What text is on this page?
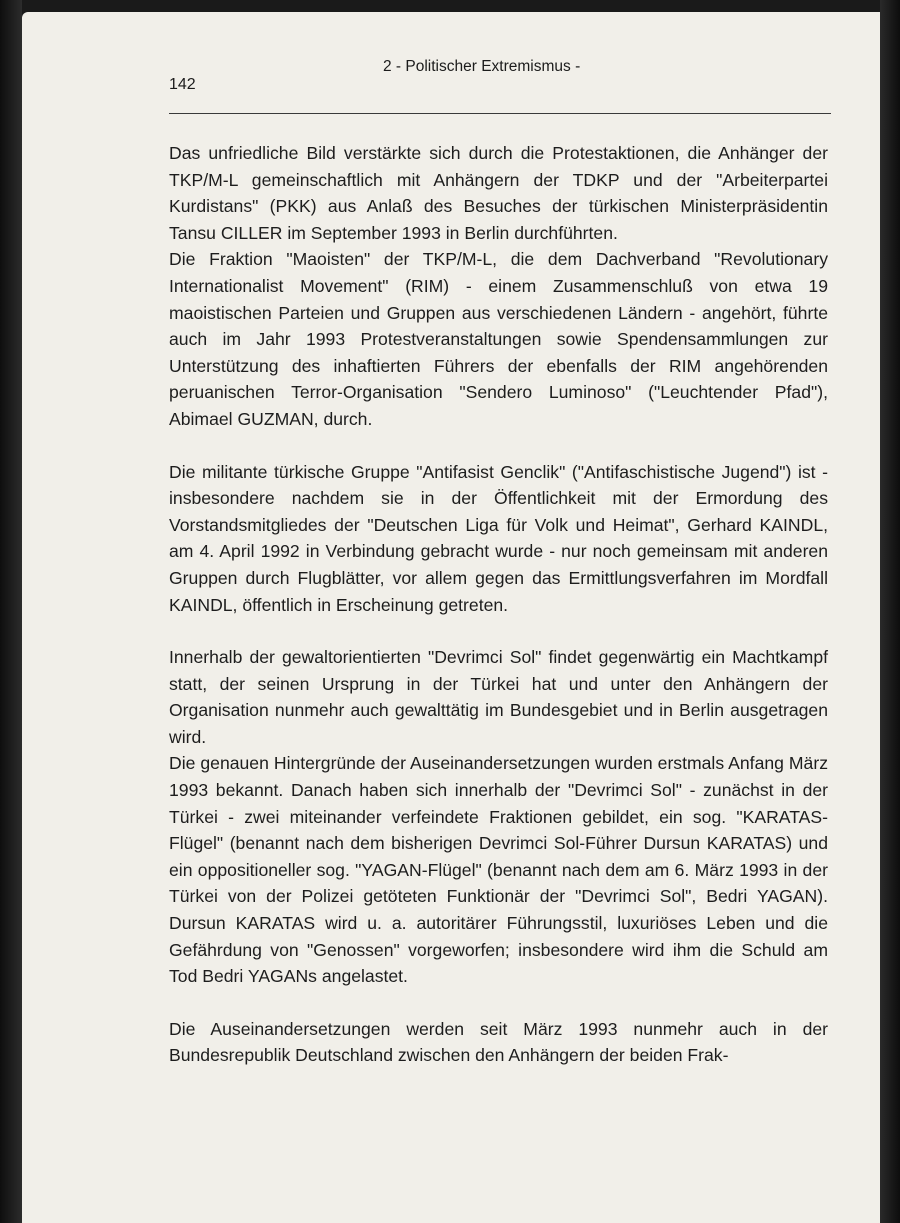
142
2 - Politischer Extremismus -

Das unfriedliche Bild verstärkte sich durch die Protestaktionen, die Anhänger der TKP/M-L gemeinschaftlich mit Anhängern der TDKP und der "Arbeiterpartei Kurdistans" (PKK) aus Anlaß des Besuches der türkischen Ministerpräsidentin Tansu CILLER im September 1993 in Berlin durchführten.

Die Fraktion "Maoisten" der TKP/M-L, die dem Dachverband "Revolutionary Internationalist Movement" (RIM) - einem Zusammenschluß von etwa 19 maoistischen Parteien und Gruppen aus verschiedenen Ländern - angehört, führte auch im Jahr 1993 Protestveranstaltungen sowie Spendensammlungen zur Unterstützung des inhaftierten Führers der ebenfalls der RIM angehörenden peruanischen Terror-Organisation "Sendero Luminoso" ("Leuchtender Pfad"), Abimael GUZMAN, durch.

Die militante türkische Gruppe "Antifasist Genclik" ("Antifaschistische Jugend") ist - insbesondere nachdem sie in der Öffentlichkeit mit der Ermordung des Vorstandsmitgliedes der "Deutschen Liga für Volk und Heimat", Gerhard KAINDL, am 4. April 1992 in Verbindung gebracht wurde - nur noch gemeinsam mit anderen Gruppen durch Flugblätter, vor allem gegen das Ermittlungsverfahren im Mordfall KAINDL, öffentlich in Erscheinung getreten.

Innerhalb der gewaltorientierten "Devrimci Sol" findet gegenwärtig ein Machtkampf statt, der seinen Ursprung in der Türkei hat und unter den Anhängern der Organisation nunmehr auch gewalttätig im Bundesgebiet und in Berlin ausgetragen wird.

Die genauen Hintergründe der Auseinandersetzungen wurden erstmals Anfang März 1993 bekannt. Danach haben sich innerhalb der "Devrimci Sol" - zunächst in der Türkei - zwei miteinander verfeindete Fraktionen gebildet, ein sog. "KARATAS-Flügel" (benannt nach dem bisherigen Devrimci Sol-Führer Dursun KARATAS) und ein oppositioneller sog. "YAGAN-Flügel" (benannt nach dem am 6. März 1993 in der Türkei von der Polizei getöteten Funktionär der "Devrimci Sol", Bedri YAGAN). Dursun KARATAS wird u. a. autoritärer Führungsstil, luxuriöses Leben und die Gefährdung von "Genossen" vorgeworfen; insbesondere wird ihm die Schuld am Tod Bedri YAGANs angelastet.

Die Auseinandersetzungen werden seit März 1993 nunmehr auch in der Bundesrepublik Deutschland zwischen den Anhängern der beiden Frak-
